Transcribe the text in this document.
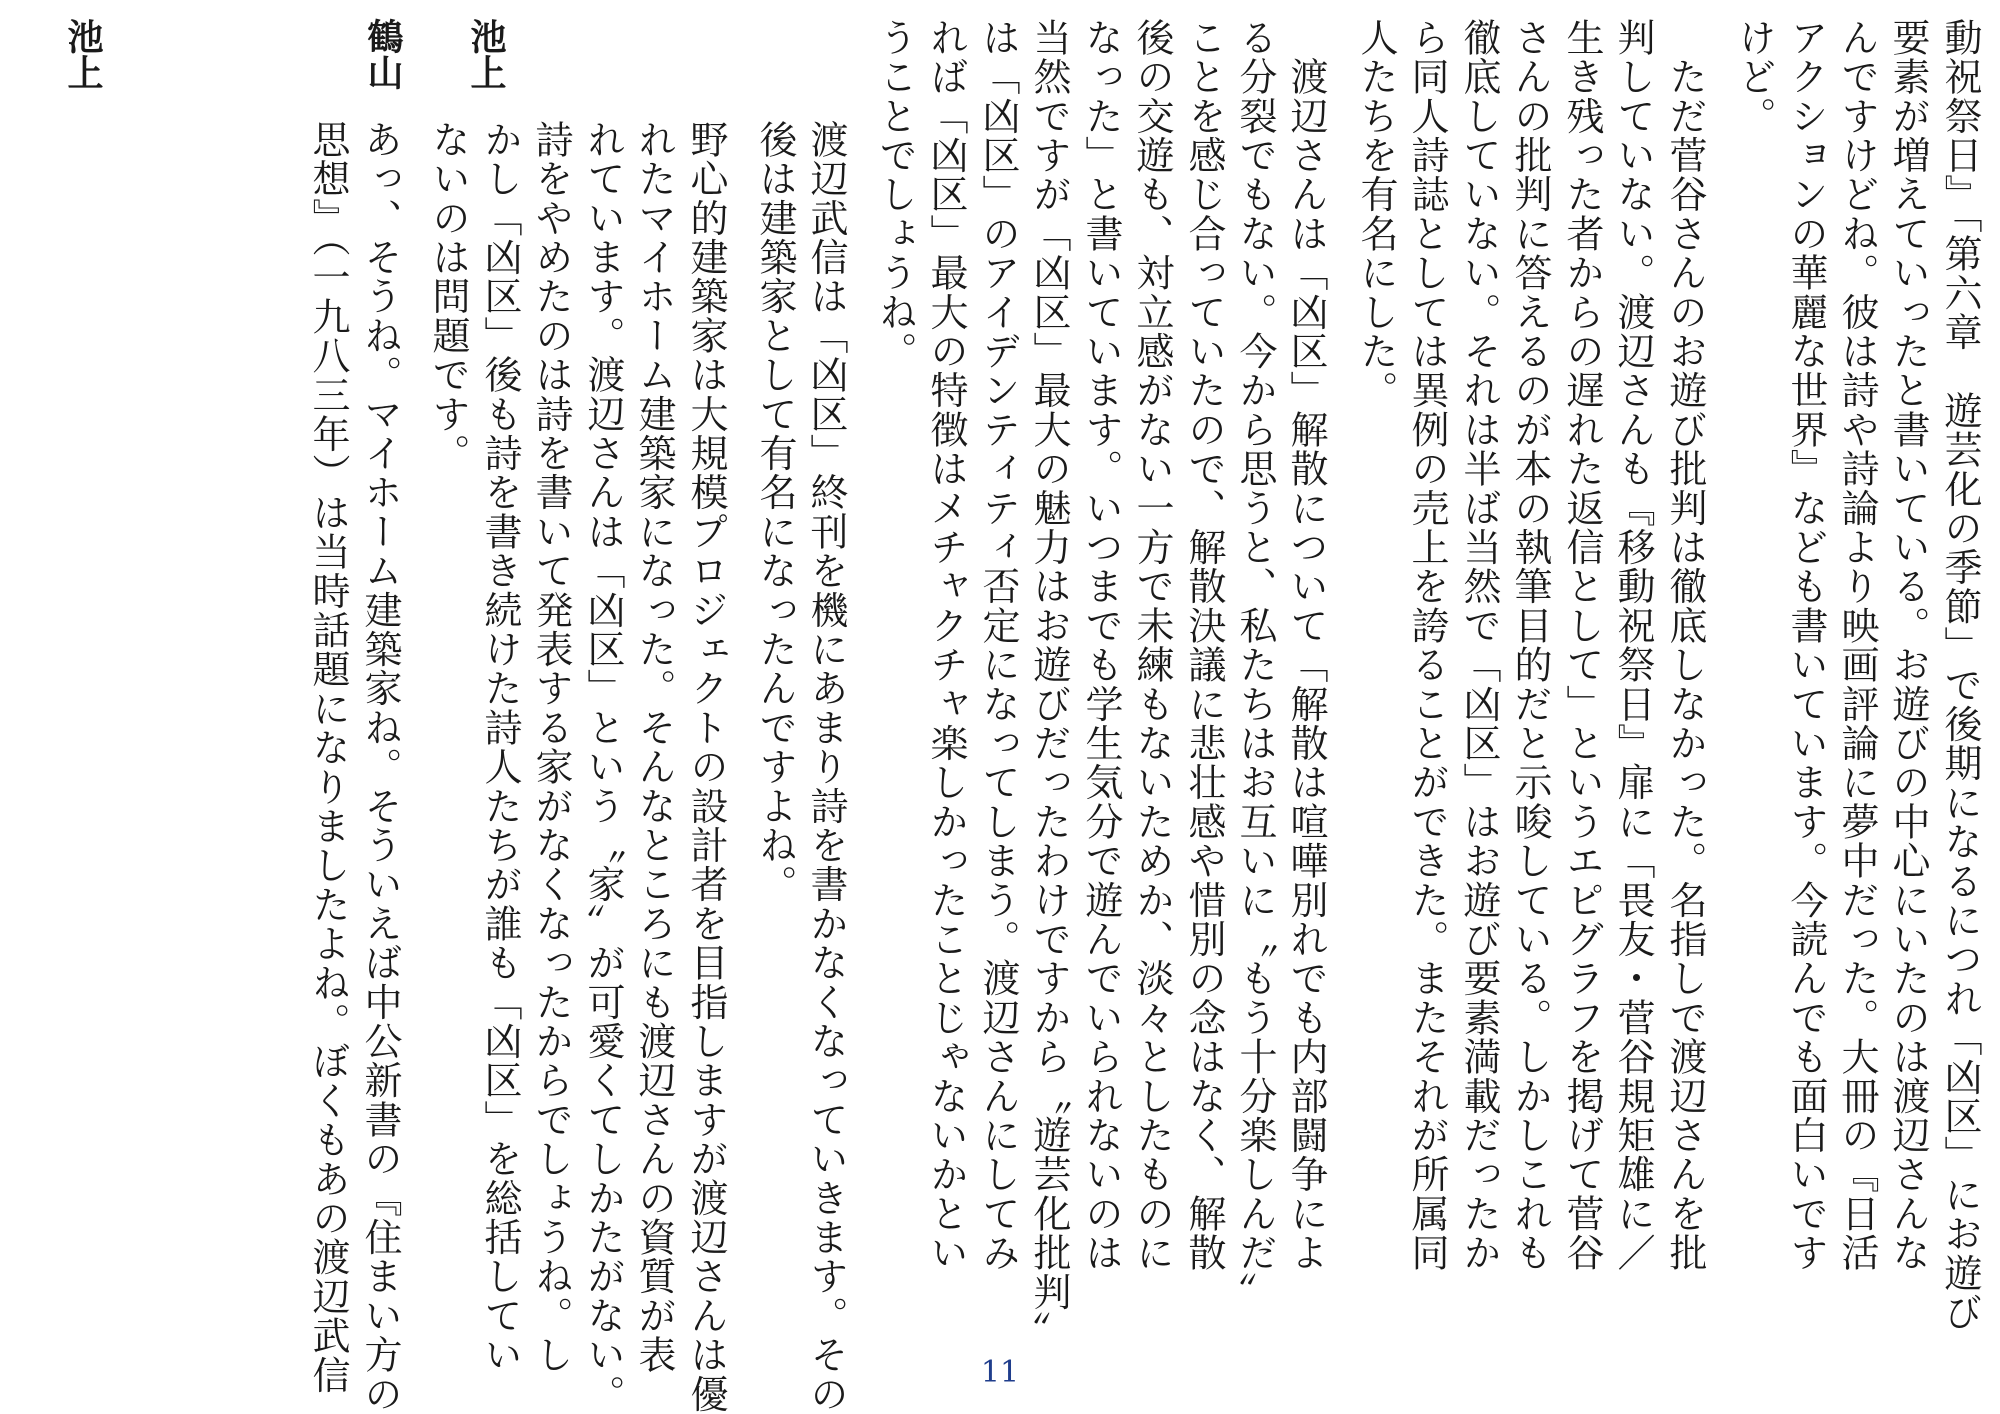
動祝祭日』「第六章　遊芸化の季節」で後期になるにつれ「凶区」にお遊び
要素が増えていったと書いている。お遊びの中心にいたのは渡辺さんな
んですけどね。彼は詩や詩論より映画評論に夢中だった。大冊の『日活
アクションの華麗な世界』なども書いています。今読んでも面白いです
けど。
　ただ菅谷さんのお遊び批判は徹底しなかった。名指しで渡辺さんを批
判していない。渡辺さんも『移動祝祭日』扉に「畏友・菅谷規矩雄に／
生き残った者からの遅れた返信として」というエピグラフを掲げて菅谷
さんの批判に答えるのが本の執筆目的だと示唆している。しかしこれも
徹底していない。それは半ば当然で「凶区」はお遊び要素満載だったか
ら同人詩誌としては異例の売上を誇ることができた。またそれが所属同
人たちを有名にした。
　渡辺さんは「凶区」解散について「解散は喧嘩別れでも内部闘争によ
る分裂でもない。今から思うと、私たちはお互いに〝もう十分楽しんだ〟
ことを感じ合っていたので、解散決議に悲壮感や惜別の念はなく、解散
後の交遊も、対立感がない一方で未練もないためか、淡々としたものに
なった」と書いています。いつまでも学生気分で遊んでいられないのは
当然ですが「凶区」最大の魅力はお遊びだったわけですから〝遊芸化批判〟
は「凶区」のアイデンティティ否定になってしまう。渡辺さんにしてみ
れば「凶区」最大の特徴はメチャクチャ楽しかったことじゃないかとい
うことでしょうね。
渡辺武信は「凶区」終刊を機にあまり詩を書かなくなっていきます。その
後は建築家として有名になったんですよね。
野心的建築家は大規模プロジェクトの設計者を目指しますが渡辺さんは優
れたマイホーム建築家になった。そんなところにも渡辺さんの資質が表
れています。渡辺さんは「凶区」という〝家〟が可愛くてしかたがない。
詩をやめたのは詩を書いて発表する家がなくなったからでしょうね。し
かし「凶区」後も詩を書き続けた詩人たちが誰も「凶区」を総括してい
ないのは問題です。
あっ、そうね。マイホーム建築家ね。そういえば中公新書の『住まい方の
思想』（一九八三年）は当時話題になりましたよね。ぼくもあの渡辺武信
池上
鶴山
池上
11
